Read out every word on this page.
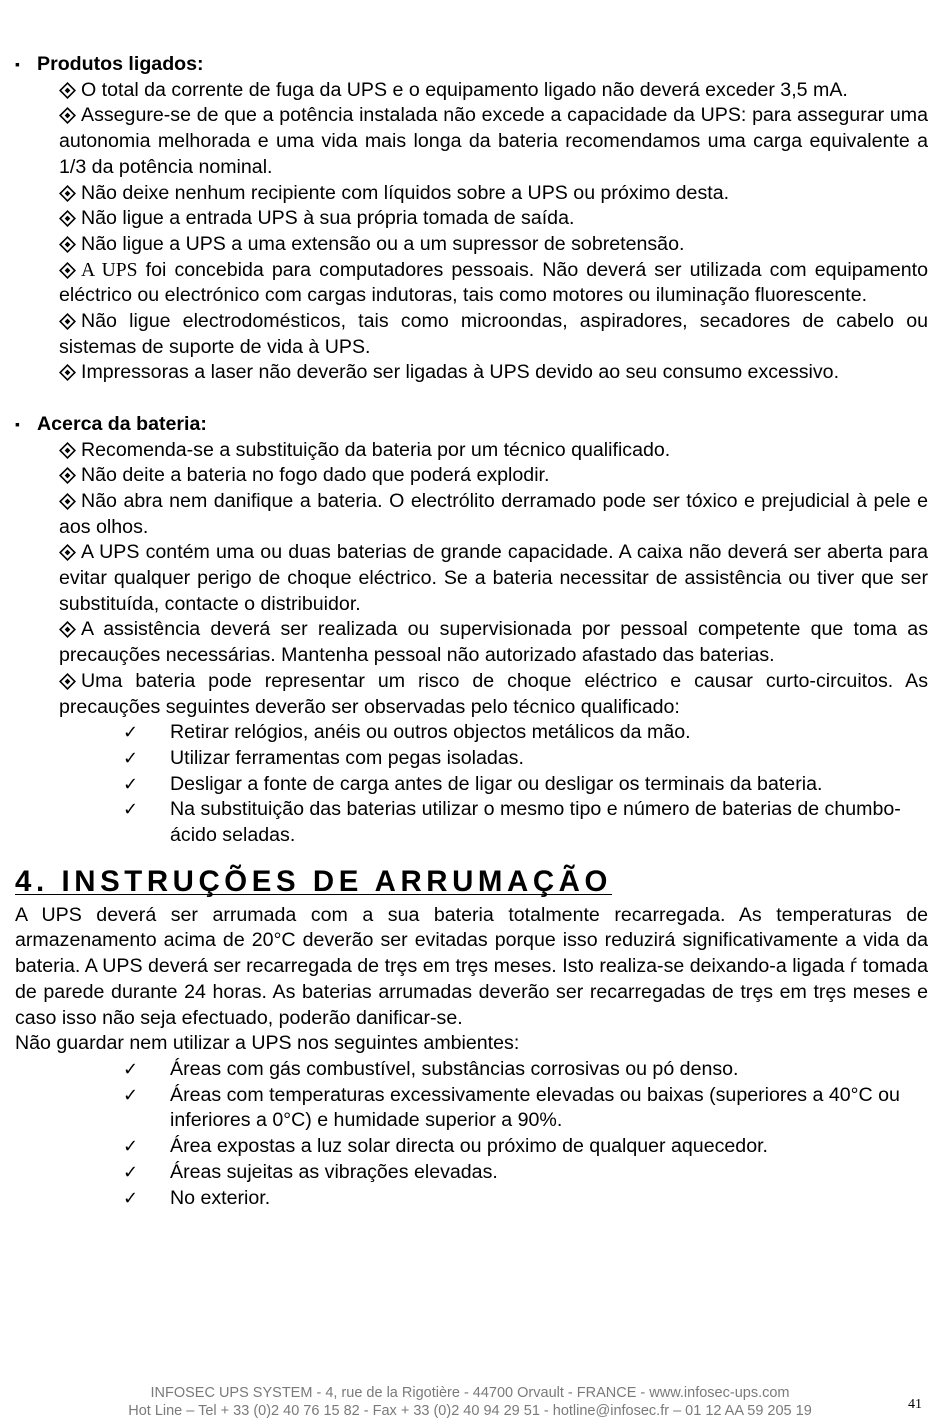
▪ Produtos ligados:

O total da corrente de fuga da UPS e o equipamento ligado não deverá exceder 3,5 mA.
Assegure-se de que a potência instalada não excede a capacidade da UPS: para assegurar uma autonomia melhorada e uma vida mais longa da bateria recomendamos uma carga equivalente a 1/3 da potência nominal.
Não deixe nenhum recipiente com líquidos sobre a UPS ou próximo desta.
Não ligue a entrada UPS à sua própria tomada de saída.
Não ligue a UPS a uma extensão ou a um supressor de sobretensão.
A UPS foi concebida para computadores pessoais. Não deverá ser utilizada com equipamento eléctrico ou electrónico com cargas indutoras, tais como motores ou iluminação fluorescente.
Não ligue electrodomésticos, tais como microondas, aspiradores, secadores de cabelo ou sistemas de suporte de vida à UPS.
Impressoras a laser não deverão ser ligadas à UPS devido ao seu consumo excessivo.

▪ Acerca da bateria:

Recomenda-se a substituição da bateria por um técnico qualificado.
Não deite a bateria no fogo dado que poderá explodir.
Não abra nem danifique a bateria. O electrólito derramado pode ser tóxico e prejudicial à pele e aos olhos.
A UPS contém uma ou duas baterias de grande capacidade. A caixa não deverá ser aberta para evitar qualquer perigo de choque eléctrico. Se a bateria necessitar de assistência ou tiver que ser substituída, contacte o distribuidor.
A assistência deverá ser realizada ou supervisionada por pessoal competente que toma as precauções necessárias. Mantenha pessoal não autorizado afastado das baterias.
Uma bateria pode representar um risco de choque eléctrico e causar curto-circuitos. As precauções seguintes deverão ser observadas pelo técnico qualificado:
✓ Retirar relógios, anéis ou outros objectos metálicos da mão.
✓ Utilizar ferramentas com pegas isoladas.
✓ Desligar a fonte de carga antes de ligar ou desligar os terminais da bateria.
✓ Na substituição das baterias utilizar o mesmo tipo e número de baterias de chumbo-ácido seladas.
4. INSTRUÇÕES DE ARRUMAÇÃO

A UPS deverá ser arrumada com a sua bateria totalmente recarregada. As temperaturas de armazenamento acima de 20°C deverão ser evitadas porque isso reduzirá significativamente a vida da bateria. A UPS deverá ser recarregada de trȩs em trȩs meses. Isto realiza-se deixando-a ligada ѓ tomada de parede durante 24 horas. As baterias arrumadas deverão ser recarregadas de trȩs em trȩs meses e caso isso não seja efectuado, poderão danificar-se.

Não guardar nem utilizar a UPS nos seguintes ambientes:

✓ Áreas com gás combustível, substâncias corrosivas ou pó denso.
✓ Áreas com temperaturas excessivamente elevadas ou baixas (superiores a 40°C ou inferiores a 0°C) e humidade superior a 90%.
✓ Área expostas a luz solar directa ou próximo de qualquer aquecedor.
✓ Áreas sujeitas as vibrações elevadas.
✓ No exterior.
INFOSEC UPS SYSTEM - 4, rue de la Rigotière - 44700 Orvault - FRANCE - www.infosec-ups.com
Hot Line – Tel + 33 (0)2 40 76 15 82 - Fax + 33 (0)2 40 94 29 51 - hotline@infosec.fr – 01 12 AA 59 205 19	41
